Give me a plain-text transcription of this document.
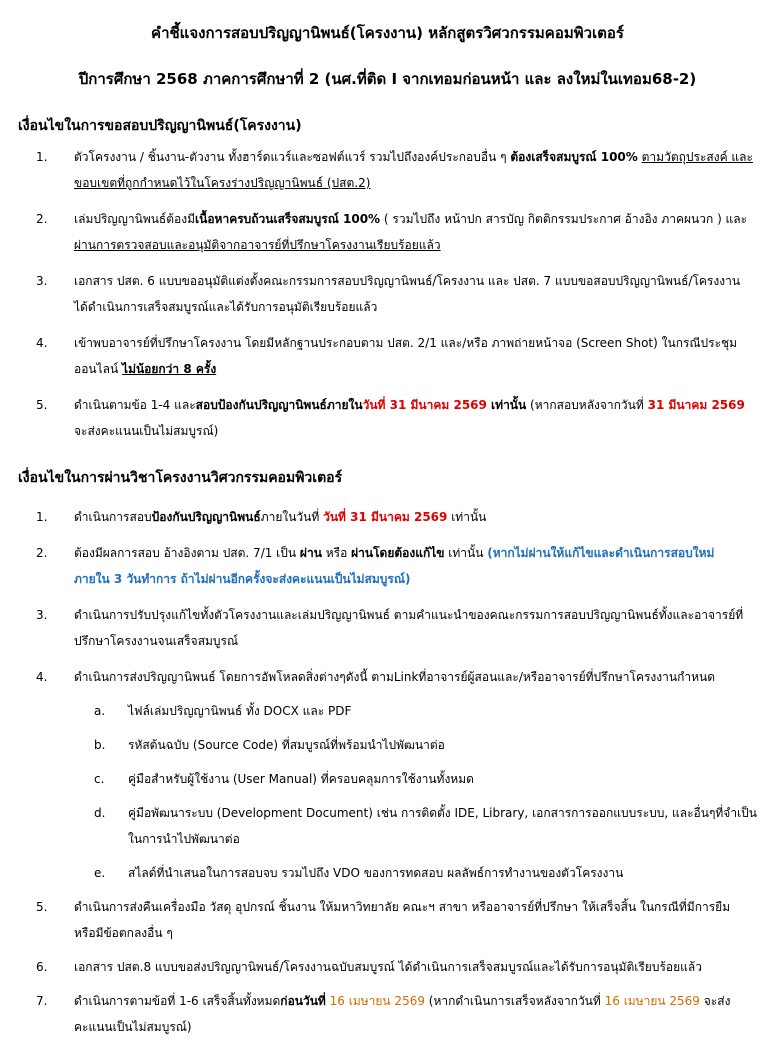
คำชี้แจงการสอบปริญญานิพนธ์(โครงงาน) หลักสูตรวิศวกรรมคอมพิวเตอร์
ปีการศึกษา 2568 ภาคการศึกษาที่ 2 (นศ.ที่ติด I จากเทอมก่อนหน้า และ ลงใหม่ในเทอม68-2)
เงื่อนไขในการขอสอบปริญญานิพนธ์(โครงงาน)
1.	ตัวโครงงาน / ชิ้นงาน-ตัวงาน ทั้งฮาร์ดแวร์และซอฟต์แวร์ รวมไปถึงองค์ประกอบอื่น ๆ ต้องเสร็จสมบูรณ์ 100% ตามวัตถุประสงค์ และ
ขอบเขตที่ถูกกำหนดไว้ในโครงร่างปริญญานิพนธ์ (ปสต.2)
2.	เล่มปริญญานิพนธ์ต้องมีเนื้อหาครบถ้วนเสร็จสมบูรณ์ 100% ( รวมไปถึง หน้าปก สารบัญ กิตติกรรมประกาศ อ้างอิง ภาคผนวก ) และ
ผ่านการตรวจสอบและอนุมัติจากอาจารย์ที่ปรึกษาโครงงานเรียบร้อยแล้ว
3.	เอกสาร ปสต. 6 แบบขออนุมัติแต่งตั้งคณะกรรมการสอบปริญญานิพนธ์/โครงงาน และ ปสต. 7 แบบขอสอบปริญญานิพนธ์/โครงงาน
ได้ดำเนินการเสร็จสมบูรณ์และได้รับการอนุมัติเรียบร้อยแล้ว
4.	เข้าพบอาจารย์ที่ปรึกษาโครงงาน โดยมีหลักฐานประกอบตาม ปสต. 2/1 และ/หรือ ภาพถ่ายหน้าจอ (Screen Shot) ในกรณีประชุม
ออนไลน์ ไม่น้อยกว่า 8 ครั้ง
5.	ดำเนินตามข้อ 1-4 และสอบป้องกันปริญญานิพนธ์ภายในวันที่ 31 มีนาคม 2569 เท่านั้น (หากสอบหลังจากวันที่ 31 มีนาคม 2569
จะส่งคะแนนเป็นไม่สมบูรณ์)
เงื่อนไขในการผ่านวิชาโครงงานวิศวกรรมคอมพิวเตอร์
1.	ดำเนินการสอบป้องกันปริญญานิพนธ์ภายในวันที่ วันที่ 31 มีนาคม 2569 เท่านั้น
2.	ต้องมีผลการสอบ อ้างอิงตาม ปสต. 7/1 เป็น ผ่าน หรือ ผ่านโดยต้องแก้ไข เท่านั้น (หากไม่ผ่านให้แก้ไขและดำเนินการสอบใหม่
ภายใน 3 วันทำการ ถ้าไม่ผ่านอีกครั้งจะส่งคะแนนเป็นไม่สมบูรณ์)
3.	ดำเนินการปรับปรุงแก้ไขทั้งตัวโครงงานและเล่มปริญญานิพนธ์ ตามคำแนะนำของคณะกรรมการสอบปริญญานิพนธ์ทั้งและอาจารย์ที่
ปรึกษาโครงงานจนเสร็จสมบูรณ์
4.	ดำเนินการส่งปริญญานิพนธ์ โดยการอัพโหลดสิ่งต่างๆดังนี้ ตามLinkที่อาจารย์ผู้สอนและ/หรืออาจารย์ที่ปรึกษาโครงงานกำหนด
a.	ไฟล์เล่มปริญญานิพนธ์ ทั้ง DOCX และ PDF
b.	รหัสต้นฉบับ (Source Code) ที่สมบูรณ์ที่พร้อมนำไปพัฒนาต่อ
c.	คู่มือสำหรับผู้ใช้งาน (User Manual) ที่ครอบคลุมการใช้งานทั้งหมด
d.	คู่มือพัฒนาระบบ (Development Document) เช่น การติดตั้ง IDE, Library, เอกสารการออกแบบระบบ, และอื่นๆที่จำเป็น
ในการนำไปพัฒนาต่อ
e.	สไลด์ที่นำเสนอในการสอบจบ รวมไปถึง VDO ของการทดสอบ ผลลัพธ์การทำงานของตัวโครงงาน
5.	ดำเนินการส่งคืนเครื่องมือ วัสดุ อุปกรณ์ ชิ้นงาน ให้มหาวิทยาลัย คณะฯ สาขา หรืออาจารย์ที่ปรึกษา ให้เสร็จสิ้น ในกรณีที่มีการยืม
หรือมีข้อตกลงอื่น ๆ
6.	เอกสาร ปสต.8 แบบขอส่งปริญญานิพนธ์/โครงงานฉบับสมบูรณ์ ได้ดำเนินการเสร็จสมบูรณ์และได้รับการอนุมัติเรียบร้อยแล้ว
7.	ดำเนินการตามข้อที่ 1-6 เสร็จสิ้นทั้งหมดก่อนวันที่ 16 เมษายน 2569 (หากดำเนินการเสร็จหลังจากวันที่ 16 เมษายน 2569 จะส่ง
คะแนนเป็นไม่สมบูรณ์)
